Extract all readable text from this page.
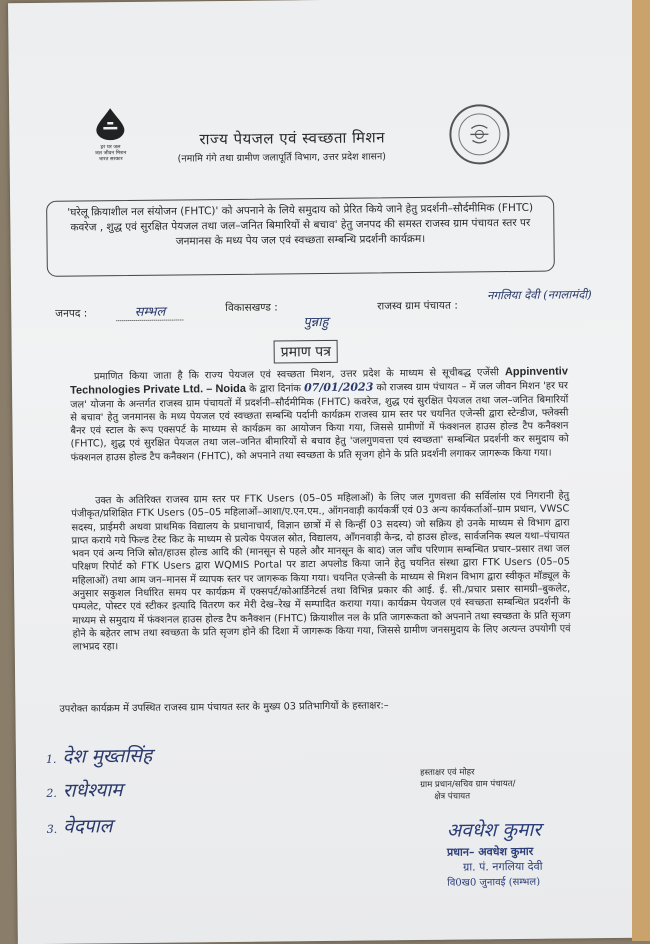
हर घर जल
जल जीवन मिशन
भारत सरकार
राज्य पेयजल एवं स्वच्छता मिशन
(नमामि गंगे तथा ग्रामीण जलापूर्ति विभाग, उत्तर प्रदेश शासन)
'घरेलू क्रियाशील नल संयोजन (FHTC)' को अपनाने के लिये समुदाय को प्रेरित किये जाने हेतु प्रदर्शनी–सौर्दमीमिक (FHTC) कवरेज , शुद्ध एवं सुरक्षित पेयजल तथा जल–जनित बिमारियों से बचाव' हेतु जनपद की समस्त राजस्व ग्राम पंचायत स्तर पर जनमानस के मध्य पेय जल एवं स्वच्छता सम्बन्धि प्रदर्शनी कार्यक्रम।
जनपद :	सम्भल	विकासखण्ड :
पुन्नाहु
राजस्व ग्राम पंचायत :
नगलिया देवी (नगलामंदी)
प्रमाण पत्र
प्रमाणित किया जाता है कि राज्य पेयजल एवं स्वच्छता मिशन, उत्तर प्रदेश के माध्यम से सूचीबद्ध एजेंसी Appinventiv Technologies Private Ltd. – Noida के द्वारा दिनांक 07/01/2023 को राजस्व ग्राम पंचायत – में जल जीवन मिशन 'हर घर जल' योजना के अन्तर्गत राजस्व ग्राम पंचायतों में प्रदर्शनी–सौर्दमीमिक (FHTC) कवरेज, शुद्ध एवं सुरक्षित पेयजल तथा जल–जनित बिमारियों से बचाव' हेतु जनमानस के मध्य पेयजल एवं स्वच्छता सम्बन्धि पर्दानी कार्यक्रम राजस्व ग्राम स्तर पर चयनित एजेन्सी द्वारा स्टेन्डीज, फ्लेक्सी बैनर एवं स्टाल के रूप एक्सपर्ट के माध्यम से कार्यक्रम का आयोजन किया गया, जिससे ग्रामीणों में फंक्शनल हाउस होल्ड टैप कनैक्शन (FHTC), शुद्ध एवं सुरक्षित पेयजल तथा जल–जनित बीमारियों से बचाव हेतु 'जलगुणवत्ता एवं स्वच्छता' सम्बन्धित प्रदर्शनी कर समुदाय को फंक्शनल हाउस होल्ड टैप कनैक्शन (FHTC), को अपनाने तथा स्वच्छता के प्रति सृजग होने के प्रति प्रदर्शनी लगाकर जागरूक किया गया।
उक्त के अतिरिक्त राजस्व ग्राम स्तर पर FTK Users (05–05 महिलाओं) के लिए जल गुणवत्ता की सर्विलांस एवं निगरानी हेतु पंजीकृत/प्रशिक्षित FTK Users (05–05 महिलाओं–आशा/ए.एन.एम., ऑगनवाड़ी कार्यकर्त्री एवं 03 अन्य कार्यकर्ताओं–ग्राम प्रधान, VWSC सदस्य, प्राईमरी अथवा प्राथमिक विद्यालय के प्रधानाचार्य, विज्ञान छात्रों में से किन्हीं 03 सदस्य) जो सक्रिय हो उनके माध्यम से विभाग द्वारा प्राप्त कराये गये फिल्ड टेस्ट किट के माध्यम से प्रत्येक पेयजल स्रोत, विद्यालय, आँगनवाड़ी केन्द्र, दो हाउस होल्ड, सार्वजनिक स्थल यथा–पंचायत भवन एवं अन्य निजि स्रोत/हाउस होल्ड आदि की (मानसून से पहले और मानसून के बाद) जल जाँच परिणाम सम्बन्धित प्रचार–प्रसार तथा जल परिक्षण रिपोर्ट को FTK Users द्वारा WQMIS Portal पर डाटा अपलोड किया जाने हेतु चयनित संस्था द्वारा FTK Users (05–05 महिलाओं) तथा आम जन–मानस में व्यापक स्तर पर जागरूक किया गया। चयनित एजेन्सी के माध्यम से मिशन विभाग द्वारा स्वीकृत मॉड्यूल के अनुसार सकुशल निर्धारित समय पर कार्यक्रम में एक्सपर्ट/कोआर्डिनेटर्स तथा विभिन्न प्रकार की आई. ई. सी./प्रचार प्रसार सामग्री–बुकलेट, पम्पलेट, पोस्टर एवं स्टीकर इत्यादि वितरण कर मेरी देख–रेख में सम्पादित कराया गया। कार्यक्रम पेयजल एवं स्वच्छता सम्बन्धित प्रदर्शनी के माध्यम से समुदाय में फंक्शनल हाउस होल्ड टैप कनैक्शन (FHTC) क्रियाशील नल के प्रति जागरूकता को अपनाने तथा स्वच्छता के प्रति सृजग होने के बहेतर लाभ तथा स्वच्छता के प्रति सृजग होने की दिशा में जागरूक किया गया, जिससे ग्रामीण जनसमुदाय के लिए अत्यन्त उपयोगी एवं लाभप्रद रहा।
उपरोक्त कार्यक्रम में उपस्थित राजस्व ग्राम पंचायत स्तर के मुख्य 03 प्रतिभागियों के हस्ताक्षर:–
1. देश मुख्तसिंह
2. राधेश्याम
3. वेदपाल
हस्ताक्षर एवं मोहर
ग्राम प्रधान/सचिव ग्राम पंचायत/
क्षेत्र पंचायत
अवधेश कुमार
प्रधान– अवधेश कुमार
ग्रा. पं. नगलिया देवी
वि0ख0 जुनावई (सम्भल)
